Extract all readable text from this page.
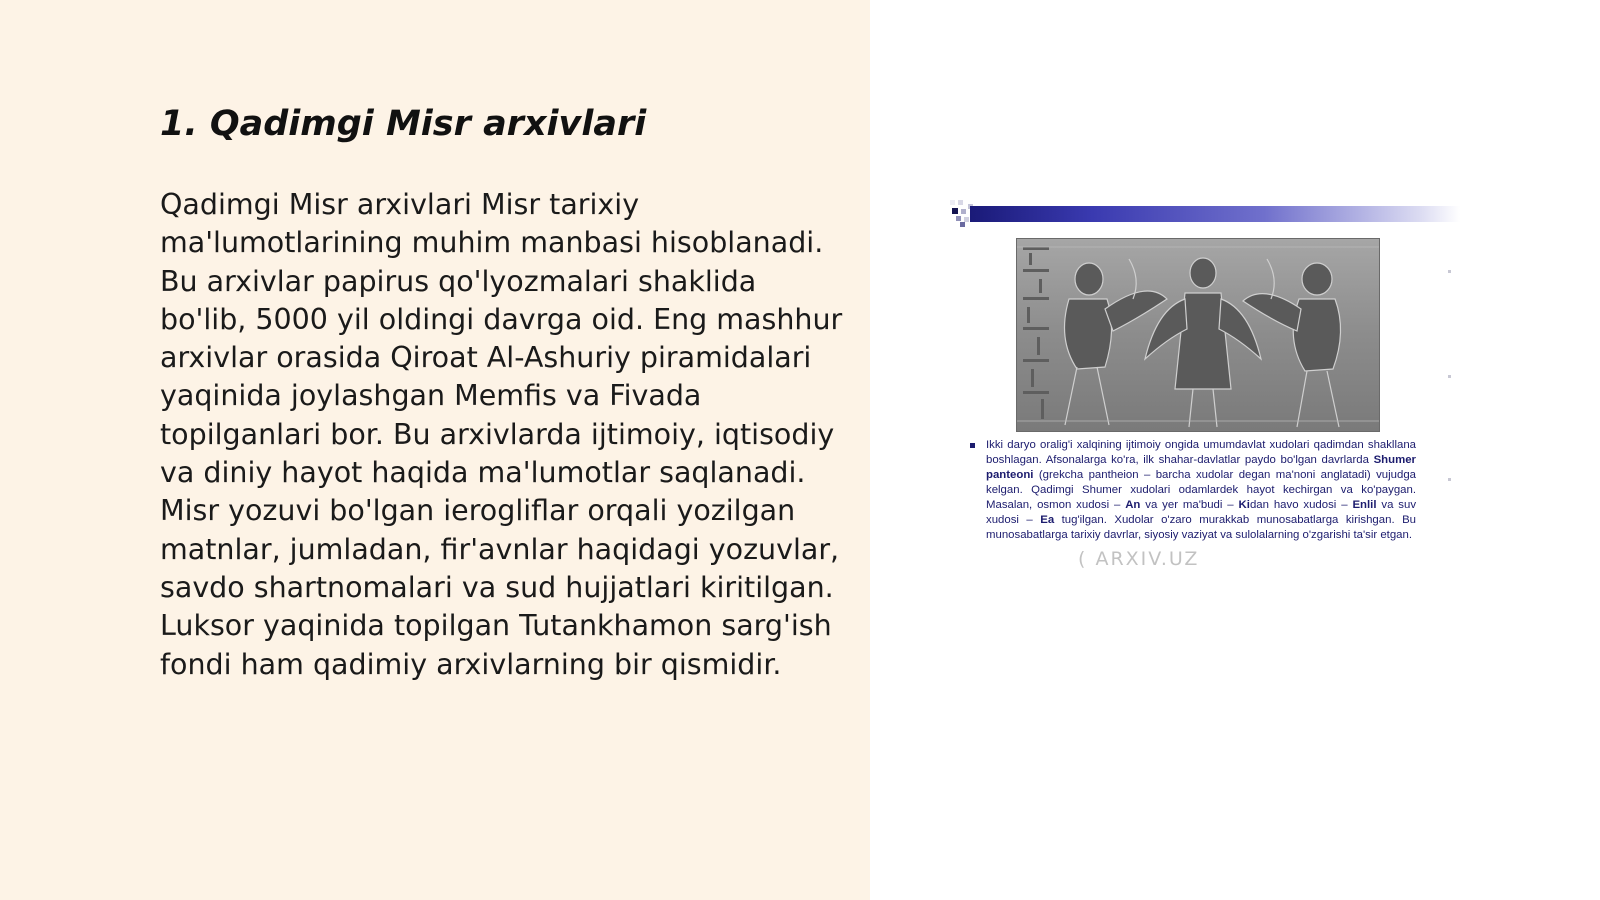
1. Qadimgi Misr arxivlari

Qadimgi Misr arxivlari Misr tarixiy ma'lumotlarining muhim manbasi hisoblanadi. Bu arxivlar papirus qo'lyozmalari shaklida bo'lib, 5000 yil oldingi davrga oid. Eng mashhur arxivlar orasida Qiroat Al-Ashuriy piramidalari yaqinida joylashgan Memfis va Fivada topilganlari bor. Bu arxivlarda ijtimoiy, iqtisodiy va diniy hayot haqida ma'lumotlar saqlanadi. Misr yozuvi bo'lgan ierogliflar orqali yozilgan matnlar, jumladan, fir'avnlar haqidagi yozuvlar, savdo shartnomalari va sud hujjatlari kiritilgan. Luksor yaqinida topilgan Tutankhamon sarg'ish fondi ham qadimiy arxivlarning bir qismidir.

Ikki daryo oralig'i xalqining ijtimoiy ongida umumdavlat xudolari qadimdan shakllana boshlagan. Afsonalarga ko'ra, ilk shahar-davlatlar paydo bo'lgan davrlarda Shumer panteoni (grekcha pantheion – barcha xudolar degan ma'noni anglatadi) vujudga kelgan. Qadimgi Shumer xudolari odamlardek hayot kechirgan va ko'paygan. Masalan, osmon xudosi – An va yer ma'budi – Kidan havo xudosi – Enlil va suv xudosi – Ea tug'ilgan. Xudolar o'zaro murakkab munosabatlarga kirishgan. Bu munosabatlarga tarixiy davrlar, siyosiy vaziyat va sulolalarning o'zgarishi ta'sir etgan.
( ARXIV.UZ
